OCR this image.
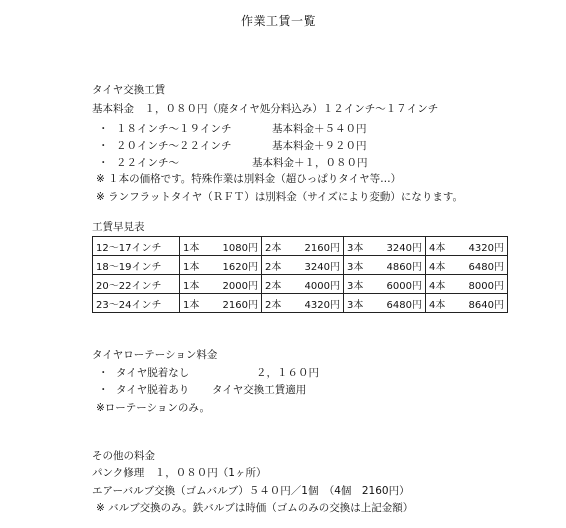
作業工賃一覧
タイヤ交換工賃
基本料金　１，０８０円（廃タイヤ処分料込み）１２インチ〜１７インチ
・ １８インチ〜１９インチ	基本料金＋５４０円
・ ２０インチ〜２２インチ	基本料金＋９２０円
・ ２２インチ〜	基本料金＋１，０８０円
※ １本の価格です。特殊作業は別料金（超ひっぱりタイヤ等…）
※ ランフラットタイヤ（ＲＦＴ）は別料金（サイズにより変動）になります。
工賃早見表
12〜17インチ	1本 1080円	2本 2160円	3本 3240円	4本 4320円

18〜19インチ	1本 1620円	2本 3240円	3本 4860円	4本 6480円

20〜22インチ	1本 2000円	2本 4000円	3本 6000円	4本 8000円

23〜24インチ	1本 2160円	2本 4320円	3本 6480円	4本 8640円
タイヤローテーション料金
・ タイヤ脱着なし	２，１６０円
・ タイヤ脱着あり タイヤ交換工賃適用
※ローテーションのみ。
その他の料金
パンク修理　１，０８０円（1ヶ所）
エアーバルブ交換（ゴムバルブ）５４０円／1個　（4個　2160円）
※ バルブ交換のみ。鉄バルブは時価（ゴムのみの交換は上記金額）
